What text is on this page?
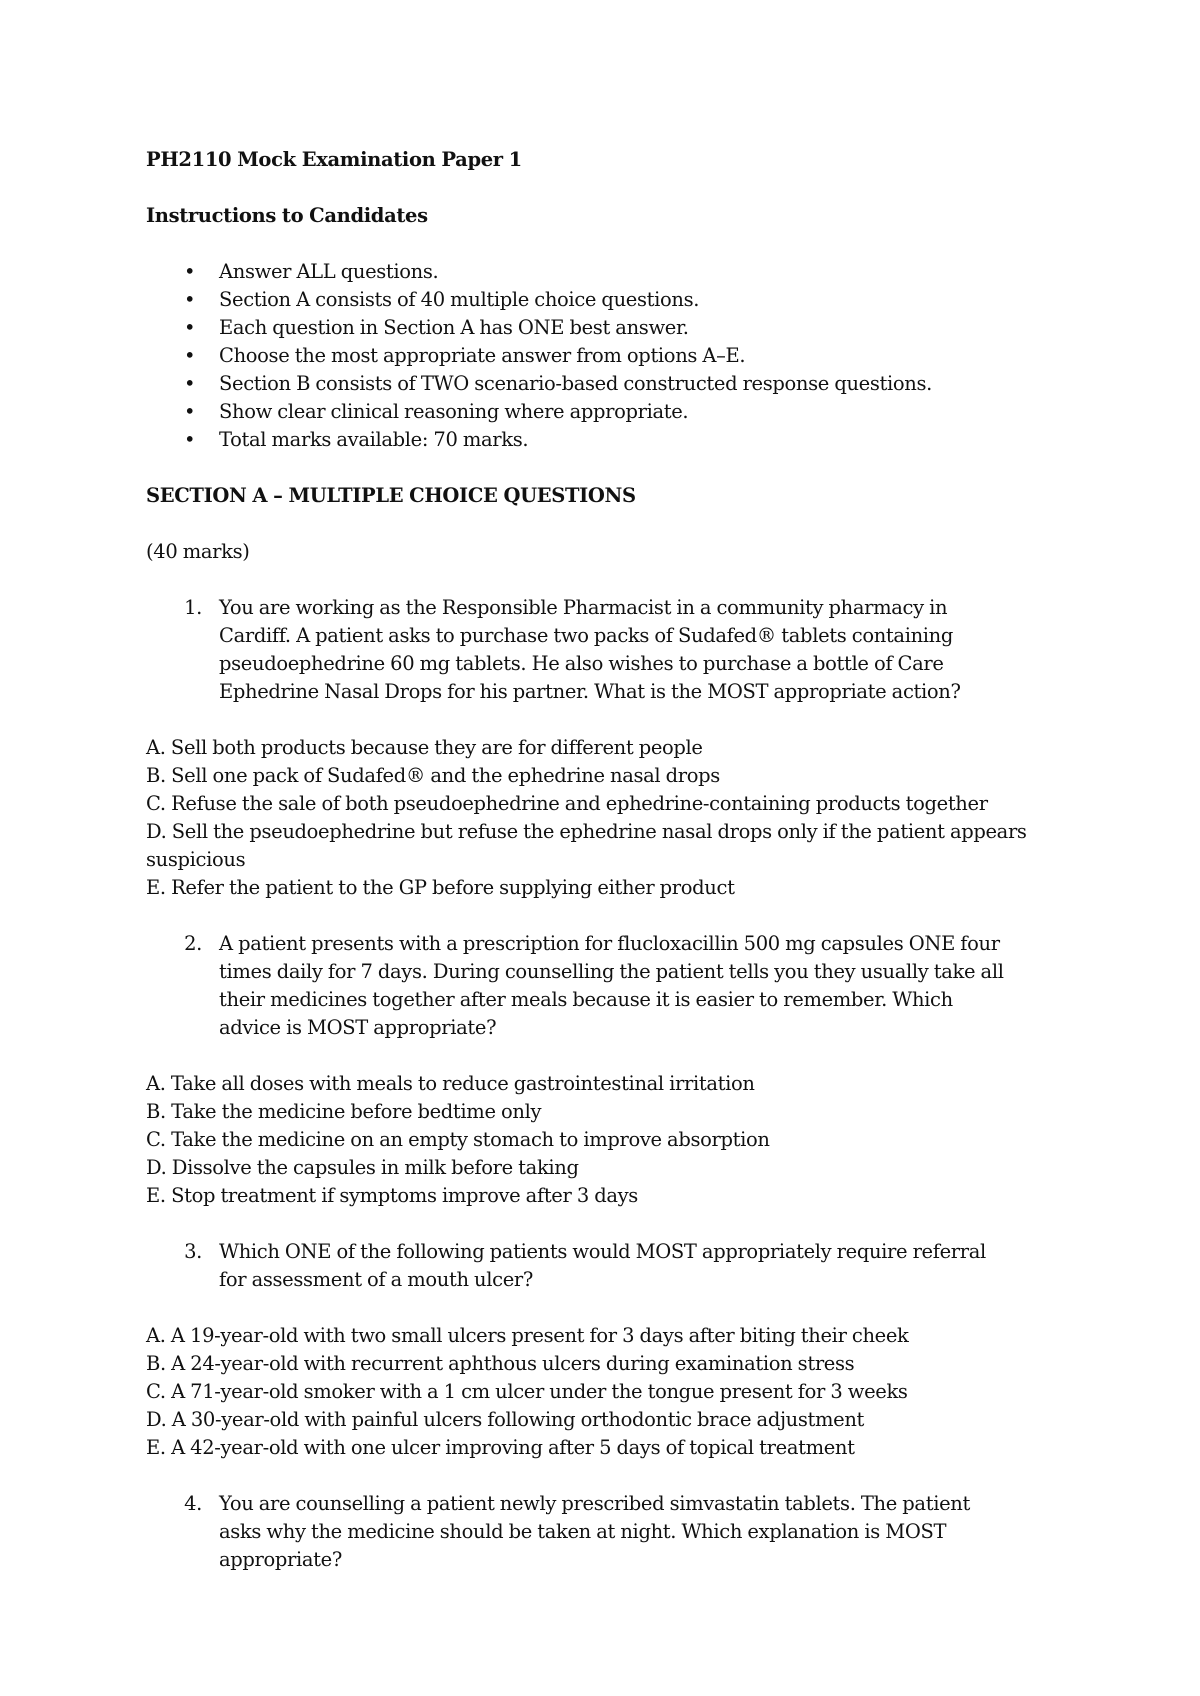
PH2110 Mock Examination Paper 1

Instructions to Candidates

• Answer ALL questions.
• Section A consists of 40 multiple choice questions.
• Each question in Section A has ONE best answer.
• Choose the most appropriate answer from options A–E.
• Section B consists of TWO scenario-based constructed response questions.
• Show clear clinical reasoning where appropriate.
• Total marks available: 70 marks.

SECTION A – MULTIPLE CHOICE QUESTIONS

(40 marks)

1. You are working as the Responsible Pharmacist in a community pharmacy in Cardiff. A patient asks to purchase two packs of Sudafed® tablets containing pseudoephedrine 60 mg tablets. He also wishes to purchase a bottle of Care Ephedrine Nasal Drops for his partner. What is the MOST appropriate action?
A. Sell both products because they are for different people
B. Sell one pack of Sudafed® and the ephedrine nasal drops
C. Refuse the sale of both pseudoephedrine and ephedrine-containing products together
D. Sell the pseudoephedrine but refuse the ephedrine nasal drops only if the patient appears suspicious
E. Refer the patient to the GP before supplying either product
2. A patient presents with a prescription for flucloxacillin 500 mg capsules ONE four times daily for 7 days. During counselling the patient tells you they usually take all their medicines together after meals because it is easier to remember. Which advice is MOST appropriate?
A. Take all doses with meals to reduce gastrointestinal irritation
B. Take the medicine before bedtime only
C. Take the medicine on an empty stomach to improve absorption
D. Dissolve the capsules in milk before taking
E. Stop treatment if symptoms improve after 3 days
3. Which ONE of the following patients would MOST appropriately require referral for assessment of a mouth ulcer?
A. A 19-year-old with two small ulcers present for 3 days after biting their cheek
B. A 24-year-old with recurrent aphthous ulcers during examination stress
C. A 71-year-old smoker with a 1 cm ulcer under the tongue present for 3 weeks
D. A 30-year-old with painful ulcers following orthodontic brace adjustment
E. A 42-year-old with one ulcer improving after 5 days of topical treatment
4. You are counselling a patient newly prescribed simvastatin tablets. The patient asks why the medicine should be taken at night. Which explanation is MOST appropriate?
